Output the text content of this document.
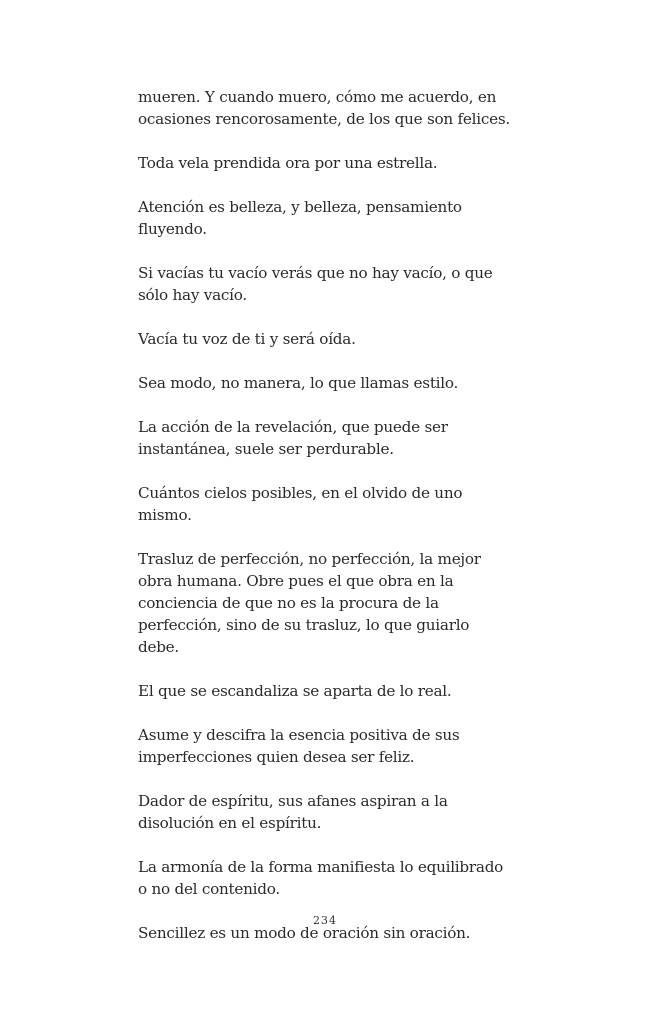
mueren. Y cuando muero, cómo me acuerdo, en ocasiones rencorosamente, de los que son felices.

Toda vela prendida ora por una estrella.

Atención es belleza, y belleza, pensamiento fluyendo.

Si vacías tu vacío verás que no hay vacío, o que sólo hay vacío.

Vacía tu voz de ti y será oída.

Sea modo, no manera, lo que llamas estilo.

La acción de la revelación, que puede ser instantánea, suele ser perdurable.

Cuántos cielos posibles, en el olvido de uno mismo.

Trasluz de perfección, no perfección, la mejor obra humana. Obre pues el que obra en la conciencia de que no es la procura de la perfección, sino de su trasluz, lo que guiarlo debe.

El que se escandaliza se aparta de lo real.

Asume y descifra la esencia positiva de sus imperfecciones quien desea ser feliz.

Dador de espíritu, sus afanes aspiran a la disolución en el espíritu.

La armonía de la forma manifiesta lo equilibrado o no del contenido.

Sencillez es un modo de oración sin oración.

234
